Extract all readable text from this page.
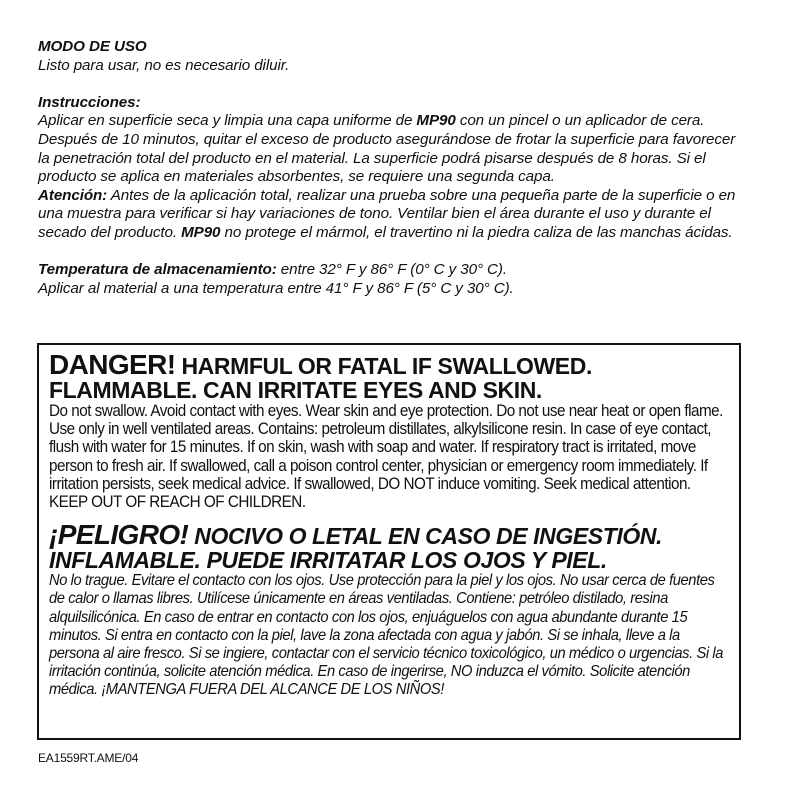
MODO DE USO

Listo para usar, no es necesario diluir.

Instrucciones:

Aplicar en superficie seca y limpia una capa uniforme de MP90 con un pincel o un aplicador de cera. Después de 10 minutos, quitar el exceso de producto asegurándose de frotar la superficie para favorecer la penetración total del producto en el material. La superficie podrá pisarse después de 8 horas. Si el producto se aplica en materiales absorbentes, se requiere una segunda capa.

Atención: Antes de la aplicación total, realizar una prueba sobre una pequeña parte de la superficie o en una muestra para verificar si hay variaciones de tono. Ventilar bien el área durante el uso y durante el secado del producto. MP90 no protege el mármol, el travertino ni la piedra caliza de las manchas ácidas.

Temperatura de almacenamiento: entre 32° F y 86° F (0° C y 30° C).

Aplicar al material a una temperatura entre 41° F y 86° F (5° C y 30° C).

DANGER! HARMFUL OR FATAL IF SWALLOWED.

FLAMMABLE. CAN IRRITATE EYES AND SKIN.

Do not swallow. Avoid contact with eyes. Wear skin and eye protection. Do not use near heat or open flame. Use only in well ventilated areas. Contains: petroleum distillates, alkylsilicone resin. In case of eye contact, flush with water for 15 minutes. If on skin, wash with soap and water. If respiratory tract is irritated, move person to fresh air. If swallowed, call a poison control center, physician or emergency room immediately. If irritation persists, seek medical advice. If swallowed, DO NOT induce vomiting. Seek medical attention. KEEP OUT OF REACH OF CHILDREN.

¡PELIGRO! NOCIVO O LETAL EN CASO DE INGESTIÓN.

INFLAMABLE. PUEDE IRRITATAR LOS OJOS Y PIEL.

No lo trague. Evitare el contacto con los ojos. Use protección para la piel y los ojos. No usar cerca de fuentes de calor o llamas libres. Utilícese únicamente en áreas ventiladas. Contiene: petróleo distilado, resina alquilsilicónica. En caso de entrar en contacto con los ojos, enjuáguelos con agua abundante durante 15 minutos. Si entra en contacto con la piel, lave la zona afectada con agua y jabón. Si se inhala, lleve a la persona al aire fresco. Si se ingiere, contactar con el servicio técnico toxicológico, un médico o urgencias. Si la irritación continúa, solicite atención médica. En caso de ingerirse, NO induzca el vómito. Solicite atención médica. ¡MANTENGA FUERA DEL ALCANCE DE LOS NIÑOS!

EA1559RT.AME/04
